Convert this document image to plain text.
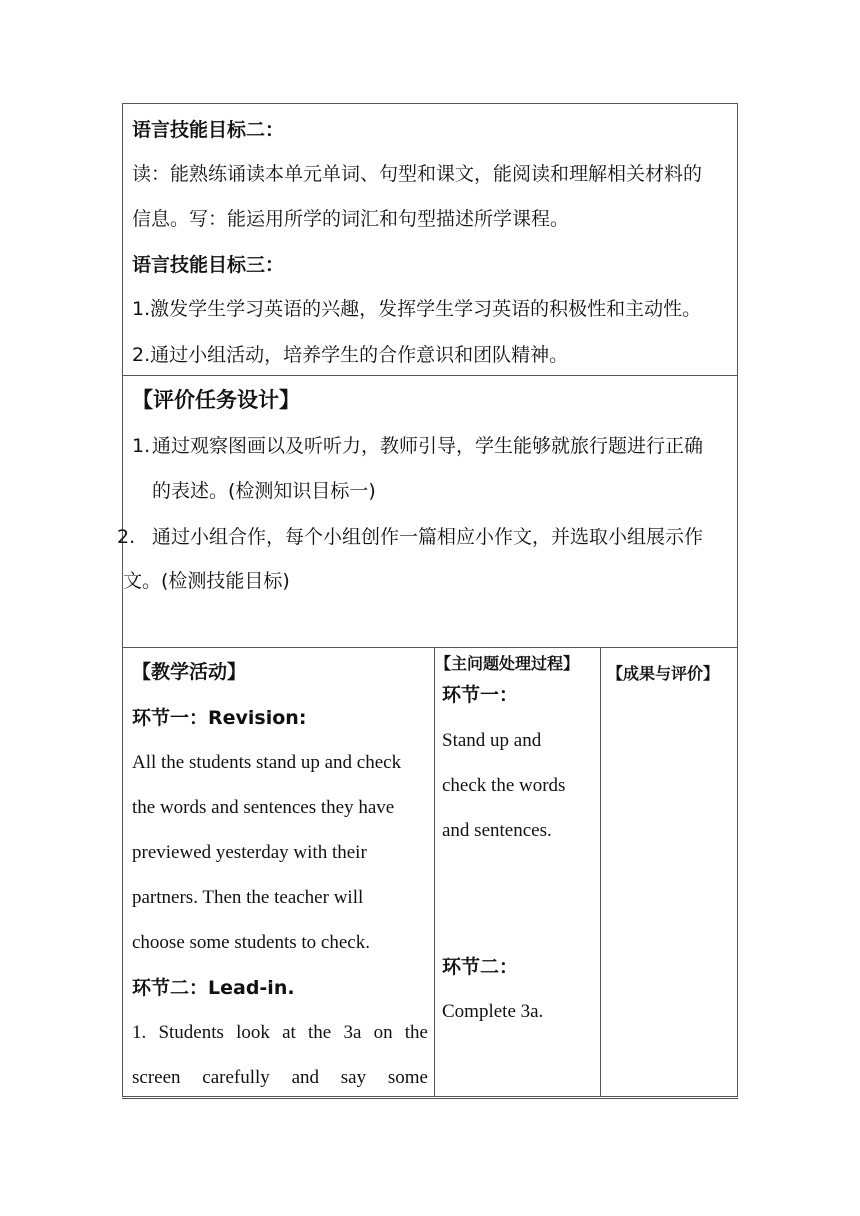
语言技能目标二：
读：能熟练诵读本单元单词、句型和课文，能阅读和理解相关材料的
信息。写：能运用所学的词汇和句型描述所学课程。
语言技能目标三：
1.激发学生学习英语的兴趣，发挥学生学习英语的积极性和主动性。
2.通过小组活动，培养学生的合作意识和团队精神。
【评价任务设计】
1. 通过观察图画以及听听力，教师引导，学生能够就旅行题进行正确
的表述。(检测知识目标一)
2. 通过小组合作，每个小组创作一篇相应小作文，并选取小组展示作
文。(检测技能目标)
【教学活动】
环节一：Revision:
All the students stand up and check
the words and sentences they have
previewed yesterday with their
partners. Then the teacher will
choose some students to check.
环节二：Lead-in.
1. Students look at the 3a on the
screen carefully and say some
【主问题处理过程】
环节一：
Stand up and
check the words
and sentences.
环节二：
Complete 3a.
【成果与评价】
